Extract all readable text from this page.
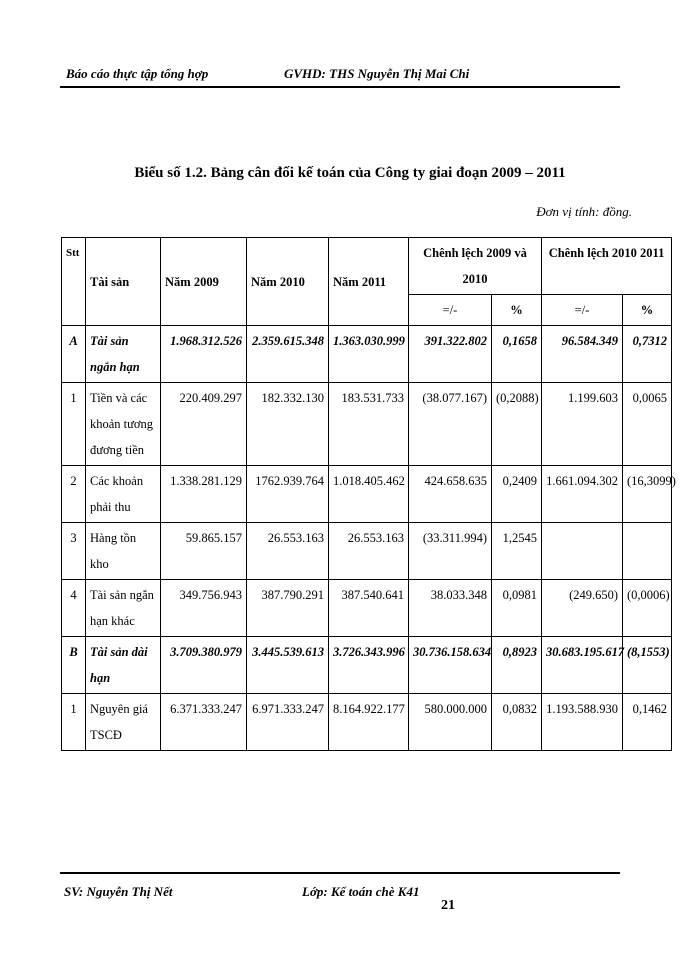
Báo cáo thực tập tổng hợp	GVHD: THS Nguyễn Thị Mai Chi
Biểu số 1.2. Bảng cân đối kế toán của Công ty giai đoạn 2009 – 2011
Đơn vị tính: đồng.
Stt	Tài sản	Năm 2009	Năm 2010	Năm 2011	Chênh lệch 2009 và 2010		Chênh lệch 2010 2011	
					=/-	%	=/-	%
A	Tài sản ngắn hạn	1.968.312.526	2.359.615.348	1.363.030.999	391.322.802	0,1658	96.584.349	0,7312
1	Tiền và các khoản tương đương tiền	220.409.297	182.332.130	183.531.733	(38.077.167)	(0,2088)	1.199.603	0,0065
2	Các khoản phải thu	1.338.281.129	1762.939.764	1.018.405.462	424.658.635	0,2409	1.661.094.302	(16,3099)
3	Hàng tồn kho	59.865.157	26.553.163	26.553.163	(33.311.994)	1,2545		
4	Tài sản ngắn hạn khác	349.756.943	387.790.291	387.540.641	38.033.348	0,0981	(249.650)	(0,0006)
B	Tài sản dài hạn	3.709.380.979	3.445.539.613	3.726.343.996	30.736.158.634	0,8923	30.683.195.617	(8,1553)
1	Nguyên giá TSCĐ	6.371.333.247	6.971.333.247	8.164.922.177	580.000.000	0,0832	1.193.588.930	0,1462
SV: Nguyễn Thị Nết	Lớp: Kế toán chè K41
21
